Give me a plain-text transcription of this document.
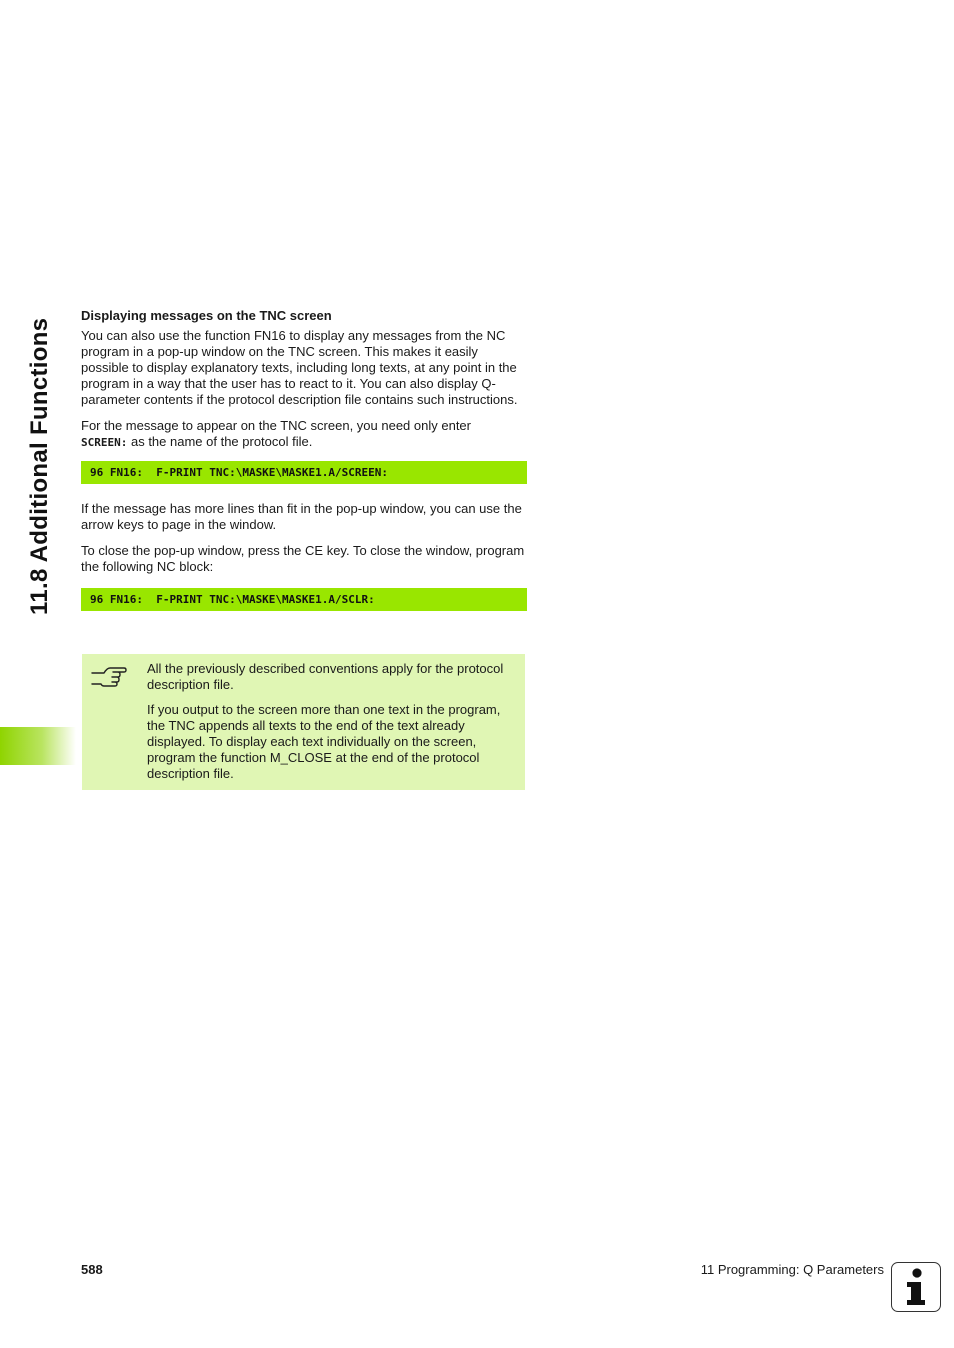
11.8 Additional Functions
Displaying messages on the TNC screen

You can also use the function FN16 to display any messages from the NC program in a pop-up window on the TNC screen. This makes it easily possible to display explanatory texts, including long texts, at any point in the program in a way that the user has to react to it. You can also display Q-parameter contents if the protocol description file contains such instructions.

For the message to appear on the TNC screen, you need only enter
SCREEN: as the name of the protocol file.

96 FN16:  F-PRINT TNC:\MASKE\MASKE1.A/SCREEN:

If the message has more lines than fit in the pop-up window, you can use the arrow keys to page in the window.

To close the pop-up window, press the CE key. To close the window, program the following NC block:

96 FN16:  F-PRINT TNC:\MASKE\MASKE1.A/SCLR:

All the previously described conventions apply for the protocol description file.

If you output to the screen more than one text in the program, the TNC appends all texts to the end of the text already displayed. To display each text individually on the screen, program the function M_CLOSE at the end of the protocol description file.

588	11 Programming: Q Parameters
